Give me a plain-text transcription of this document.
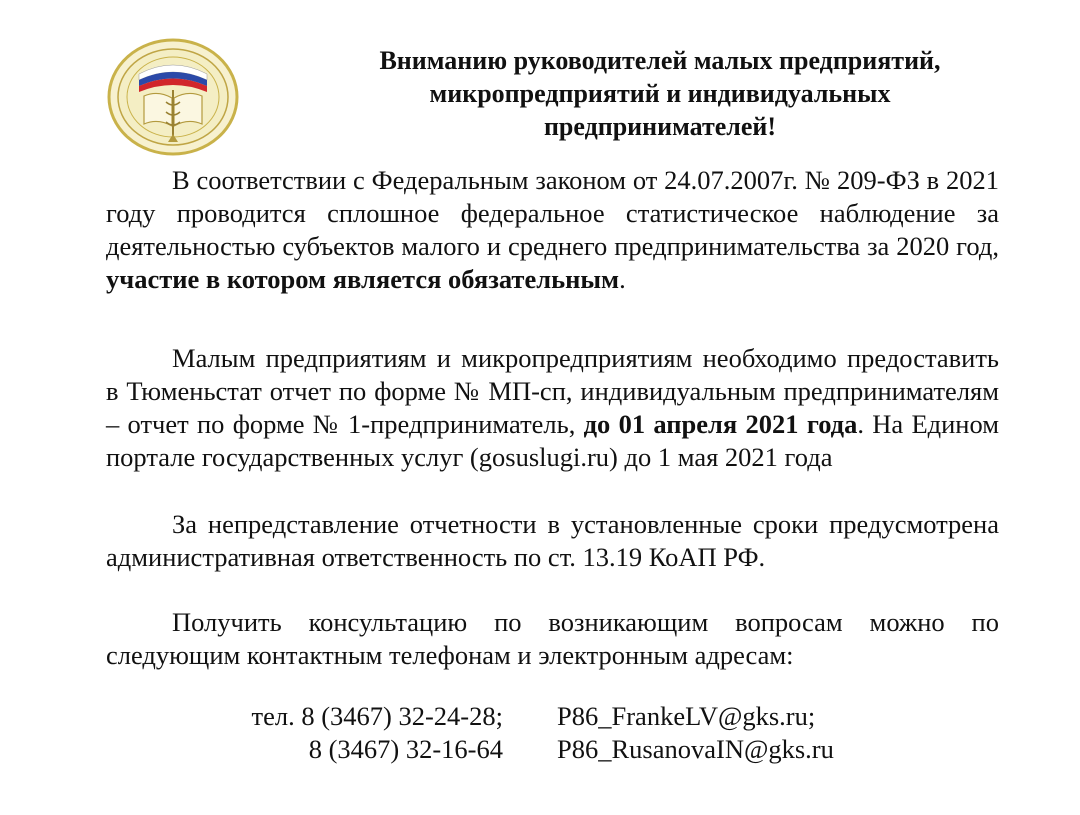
Вниманию руководителей малых предприятий,
микропредприятий и индивидуальных
предпринимателей!

В соответствии с Федеральным законом от 24.07.2007г. № 209-ФЗ в 2021 году проводится сплошное федеральное статистическое наблюдение за деятельностью субъектов малого и среднего предпринимательства за 2020 год, участие в котором является обязательным.

Малым предприятиям и микропредприятиям необходимо предоставить в Тюменьстат отчет по форме № МП-сп, индивидуальным предпринимателям – отчет по форме № 1-предприниматель, до 01 апреля 2021 года. На Едином портале государственных услуг (gosuslugi.ru) до 1 мая 2021 года

За непредставление отчетности в установленные сроки предусмотрена административная ответственность по ст. 13.19 КоАП РФ.

Получить консультацию по возникающим вопросам можно по следующим контактным телефонам и электронным адресам:

тел. 8 (3467) 32-24-28; P86_FrankeLV@gks.ru;
8 (3467) 32-16-64 P86_RusanovaIN@gks.ru
